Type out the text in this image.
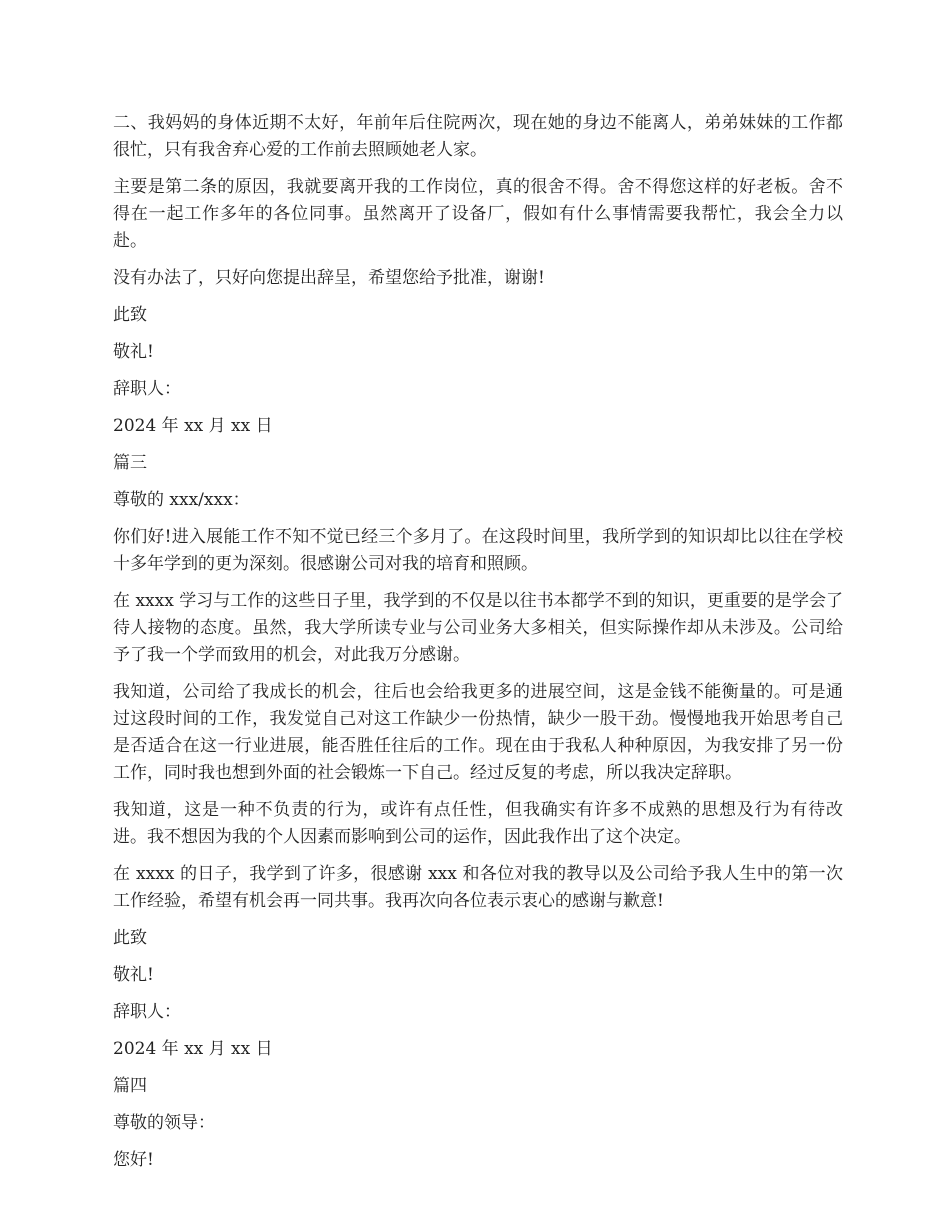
二、我妈妈的身体近期不太好，年前年后住院两次，现在她的身边不能离人，弟弟妹妹的工作都很忙，只有我舍弃心爱的工作前去照顾她老人家。

主要是第二条的原因，我就要离开我的工作岗位，真的很舍不得。舍不得您这样的好老板。舍不得在一起工作多年的各位同事。虽然离开了设备厂，假如有什么事情需要我帮忙，我会全力以赴。

没有办法了，只好向您提出辞呈，希望您给予批准，谢谢!

此致

敬礼!

辞职人：

2024 年 xx 月 xx 日

篇三

尊敬的 xxx/xxx：

你们好!进入展能工作不知不觉已经三个多月了。在这段时间里，我所学到的知识却比以往在学校十多年学到的更为深刻。很感谢公司对我的培育和照顾。

在 xxxx 学习与工作的这些日子里，我学到的不仅是以往书本都学不到的知识，更重要的是学会了待人接物的态度。虽然，我大学所读专业与公司业务大多相关，但实际操作却从未涉及。公司给予了我一个学而致用的机会，对此我万分感谢。

我知道，公司给了我成长的机会，往后也会给我更多的进展空间，这是金钱不能衡量的。可是通过这段时间的工作，我发觉自己对这工作缺少一份热情，缺少一股干劲。慢慢地我开始思考自己是否适合在这一行业进展，能否胜任往后的工作。现在由于我私人种种原因，为我安排了另一份工作，同时我也想到外面的社会锻炼一下自己。经过反复的考虑，所以我决定辞职。

我知道，这是一种不负责的行为，或许有点任性，但我确实有许多不成熟的思想及行为有待改进。我不想因为我的个人因素而影响到公司的运作，因此我作出了这个决定。

在 xxxx 的日子，我学到了许多，很感谢 xxx 和各位对我的教导以及公司给予我人生中的第一次工作经验，希望有机会再一同共事。我再次向各位表示衷心的感谢与歉意!

此致

敬礼!

辞职人：

2024 年 xx 月 xx 日

篇四

尊敬的领导：

您好!
